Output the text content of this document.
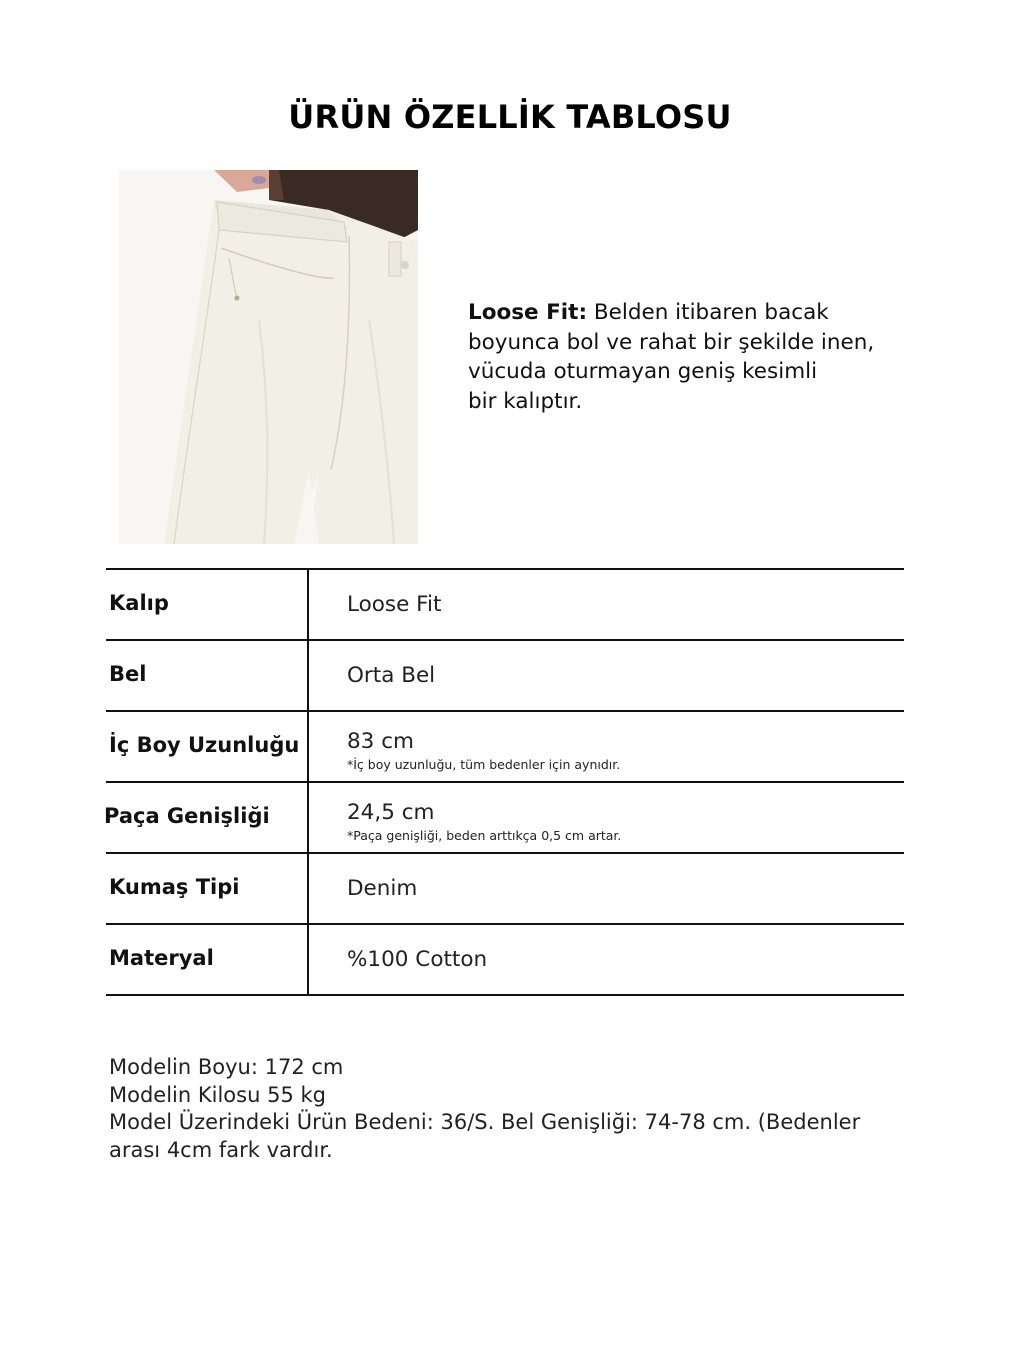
ÜRÜN ÖZELLİK TABLOSU

Loose Fit: Belden itibaren bacak
boyunca bol ve rahat bir şekilde inen,
vücuda oturmayan geniş kesimli
bir kalıptır.

Kalıp	Loose Fit
Bel	Orta Bel
İç Boy Uzunluğu 83 cm
*İç boy uzunluğu, tüm bedenler için aynıdır.
Paça Genişliği	24,5 cm
*Paça genişliği, beden arttıkça 0,5 cm artar.
Kumaş Tipi	Denim
Materyal	%100 Cotton
Modelin Boyu: 172 cm
Modelin Kilosu 55 kg
Model Üzerindeki Ürün Bedeni: 36/S. Bel Genişliği: 74-78 cm. (Bedenler
arası 4cm fark vardır.
